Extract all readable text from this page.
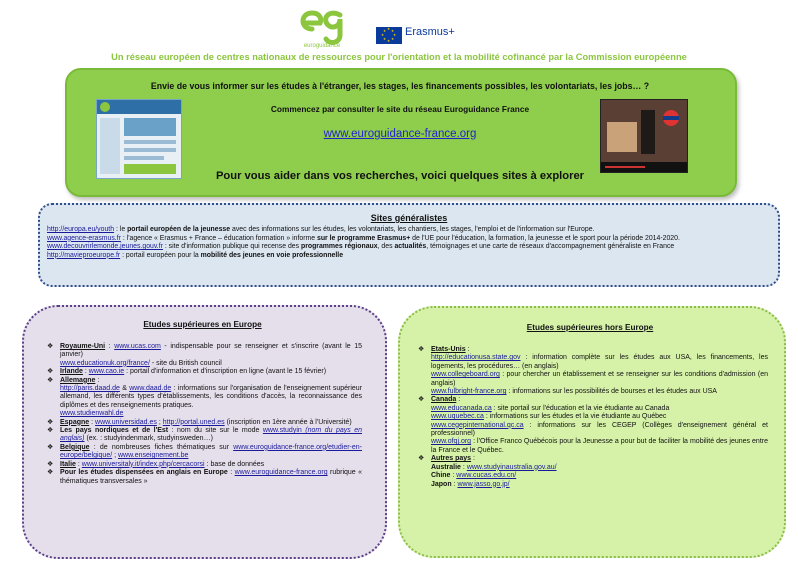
euroguidance
★ ★
★
★
★
★
★
★ Erasmus+
Un réseau européen de centres nationaux de ressources pour l'orientation et la mobilité cofinancé par la Commission européenne
Envie de vous informer sur les études à l'étranger, les stages, les financements possibles, les volontariats, les jobs… ?
Commencez par consulter le site du réseau Euroguidance France
www.euroguidance-france.org
Pour vous aider dans vos recherches, voici quelques sites à explorer
Sites généralistes

http://europa.eu/youth : le portail européen de la jeunesse avec des informations sur les études, les volontariats, les chantiers, les stages, l'emploi et de l'information sur l'Europe.

www.agence-erasmus.fr : l'agence « Erasmus + France – éducation formation » informe sur le programme Erasmus+ de l'UE pour l'éducation, la formation, la jeunesse et le sport pour la période 2014-2020.

www.decouvrirlemonde.jeunes.gouv.fr : site d'information publique qui recense des programmes régionaux, des actualités, témoignages et une carte de réseaux d'accompagnement généraliste en France

http://mavieproeurope.fr : portail européen pour la mobilité des jeunes en voie professionnelle

Etudes supérieures en Europe
❖ Royaume-Uni : www.ucas.com - indispensable pour se renseigner et s'inscrire (avant le 15 janvier)

www.educationuk.org/france/ - site du British council

❖ Irlande : www.cao.ie : portail d'information et d'inscription en ligne (avant le 15 février)
❖ Allemagne :

http://paris.daad.de & www.daad.de : informations sur l'organisation de l'enseignement supérieur allemand, les différents types d'établissements, les conditions d'accès, la reconnaissance des diplômes et des renseignements pratiques.

www.studienwahl.de

❖ Espagne : www.universidad.es ; http://portal.uned.es (inscription en 1ère année à l'Université)
❖ Les pays nordiques et de l'Est : nom du site sur le mode www.studyin (nom du pays en anglais) (ex. : studyindenmark, studyinsweden…)
❖ Belgique : de nombreuses fiches thématiques sur www.euroguidance-france.org/etudier-en-europe/belgique/ ; www.enseignement.be
❖ Italie : www.universitaly.it/index.php/cercacorsi : base de données
❖ Pour les études dispensées en anglais en Europe : www.euroguidance-france.org rubrique « thématiques transversales »
Etudes supérieures hors Europe
❖ Etats-Unis :

http://educationusa.state.gov : information complète sur les études aux USA, les financements, les logements, les procédures… (en anglais)

www.collegeboard.org : pour chercher un établissement et se renseigner sur les conditions d'admission (en anglais)

www.fulbright-france.org : informations sur les possibilités de bourses et les études aux USA

❖ Canada :

www.educanada.ca : site portail sur l'éducation et la vie étudiante au Canada

www.uquebec.ca : informations sur les études et la vie étudiante au Québec

www.cegepinternational.qc.ca : informations sur les CEGEP (Collèges d'enseignement général et professionnel)

www.ofqj.org : l'Office Franco Québécois pour la Jeunesse a pour but de faciliter la mobilité des jeunes entre la France et le Québec.

❖ Autres pays :

Australie : www.studyinaustralia.gov.au/

Chine : www.cucas.edu.cn/

Japon : www.jasso.go.jp/
